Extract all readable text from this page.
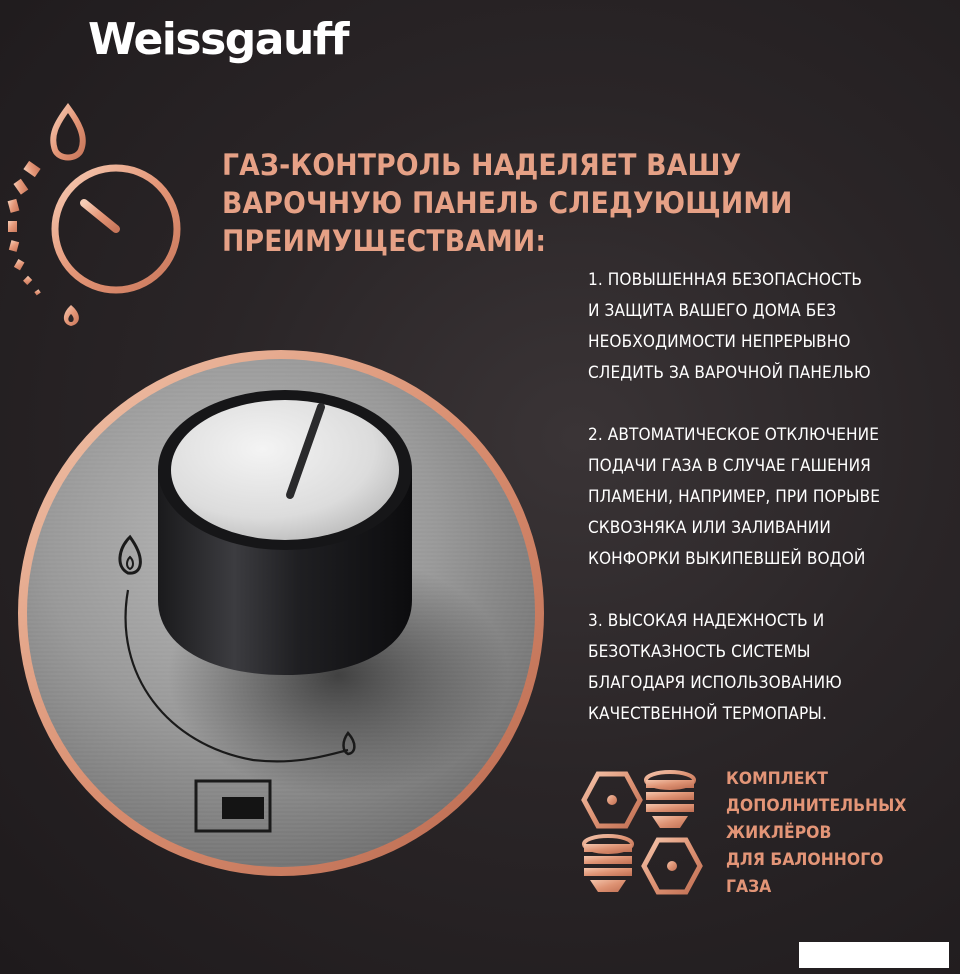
Weissgauff
ГАЗ-КОНТРОЛЬ НАДЕЛЯЕТ ВАШУ
ВАРОЧНУЮ ПАНЕЛЬ СЛЕДУЮЩИМИ
ПРЕИМУЩЕСТВАМИ:
1. ПОВЫШЕННАЯ БЕЗОПАСНОСТЬ
И ЗАЩИТА ВАШЕГО ДОМА БЕЗ
НЕОБХОДИМОСТИ НЕПРЕРЫВНО
СЛЕДИТЬ ЗА ВАРОЧНОЙ ПАНЕЛЬЮ
2. АВТОМАТИЧЕСКОЕ ОТКЛЮЧЕНИЕ
ПОДАЧИ ГАЗА В СЛУЧАЕ ГАШЕНИЯ
ПЛАМЕНИ, НАПРИМЕР, ПРИ ПОРЫВЕ
СКВОЗНЯКА ИЛИ ЗАЛИВАНИИ
КОНФОРКИ ВЫКИПЕВШЕЙ ВОДОЙ
3. ВЫСОКАЯ НАДЕЖНОСТЬ И
БЕЗОТКАЗНОСТЬ СИСТЕМЫ
БЛАГОДАРЯ ИСПОЛЬЗОВАНИЮ
КАЧЕСТВЕННОЙ ТЕРМОПАРЫ.
КОМПЛЕКТ
ДОПОЛНИТЕЛЬНЫХ
ЖИКЛЁРОВ
ДЛЯ БАЛОННОГО
ГАЗА
